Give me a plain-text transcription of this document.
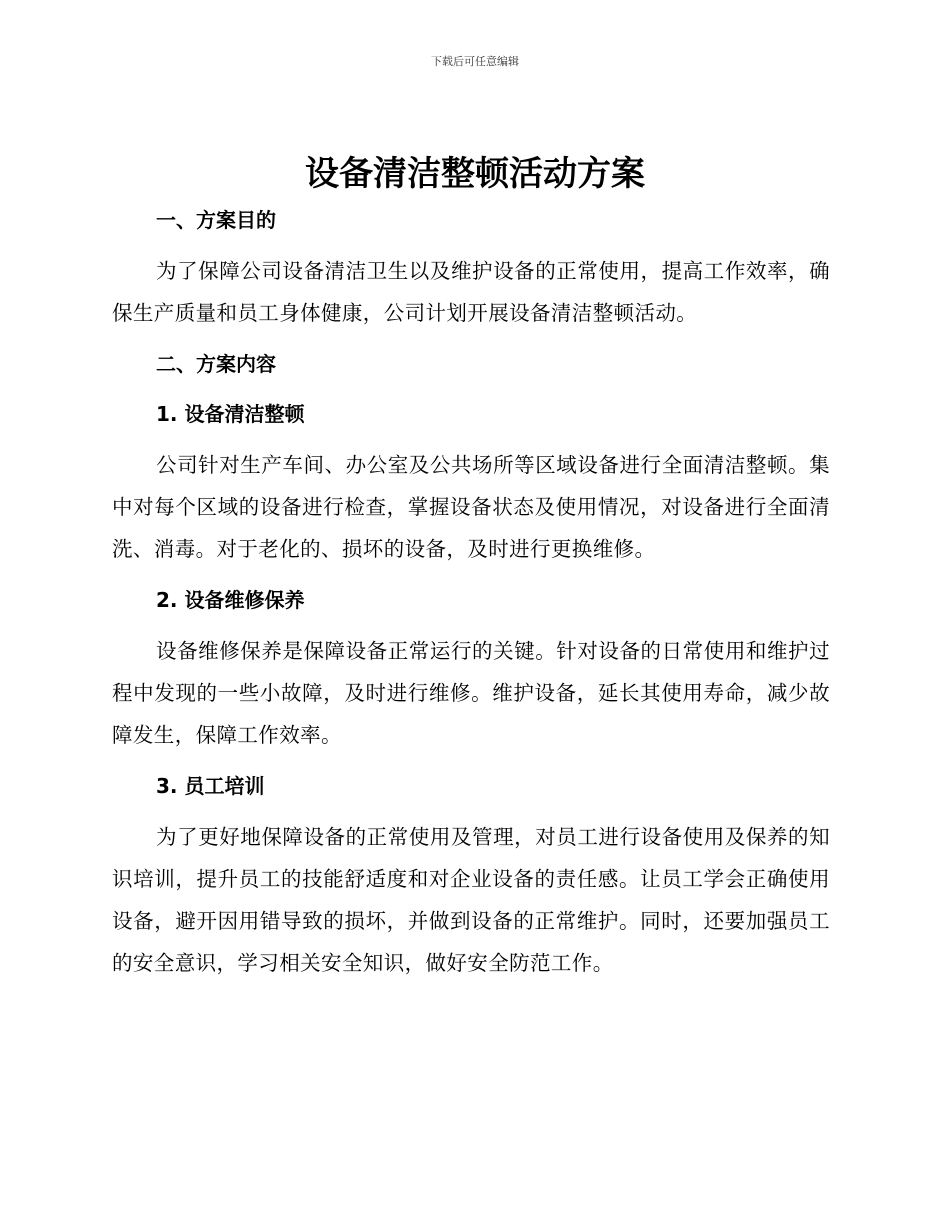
下载后可任意编辑
设备清洁整顿活动方案
一、方案目的

为了保障公司设备清洁卫生以及维护设备的正常使用，提高工作效率，确保生产质量和员工身体健康，公司计划开展设备清洁整顿活动。

二、方案内容
1. 设备清洁整顿

公司针对生产车间、办公室及公共场所等区域设备进行全面清洁整顿。集中对每个区域的设备进行检查，掌握设备状态及使用情况，对设备进行全面清洗、消毒。对于老化的、损坏的设备，及时进行更换维修。

2. 设备维修保养

设备维修保养是保障设备正常运行的关键。针对设备的日常使用和维护过程中发现的一些小故障，及时进行维修。维护设备，延长其使用寿命，减少故障发生，保障工作效率。

3. 员工培训

为了更好地保障设备的正常使用及管理，对员工进行设备使用及保养的知识培训，提升员工的技能舒适度和对企业设备的责任感。让员工学会正确使用设备，避开因用错导致的损坏，并做到设备的正常维护。同时，还要加强员工的安全意识，学习相关安全知识，做好安全防范工作。
